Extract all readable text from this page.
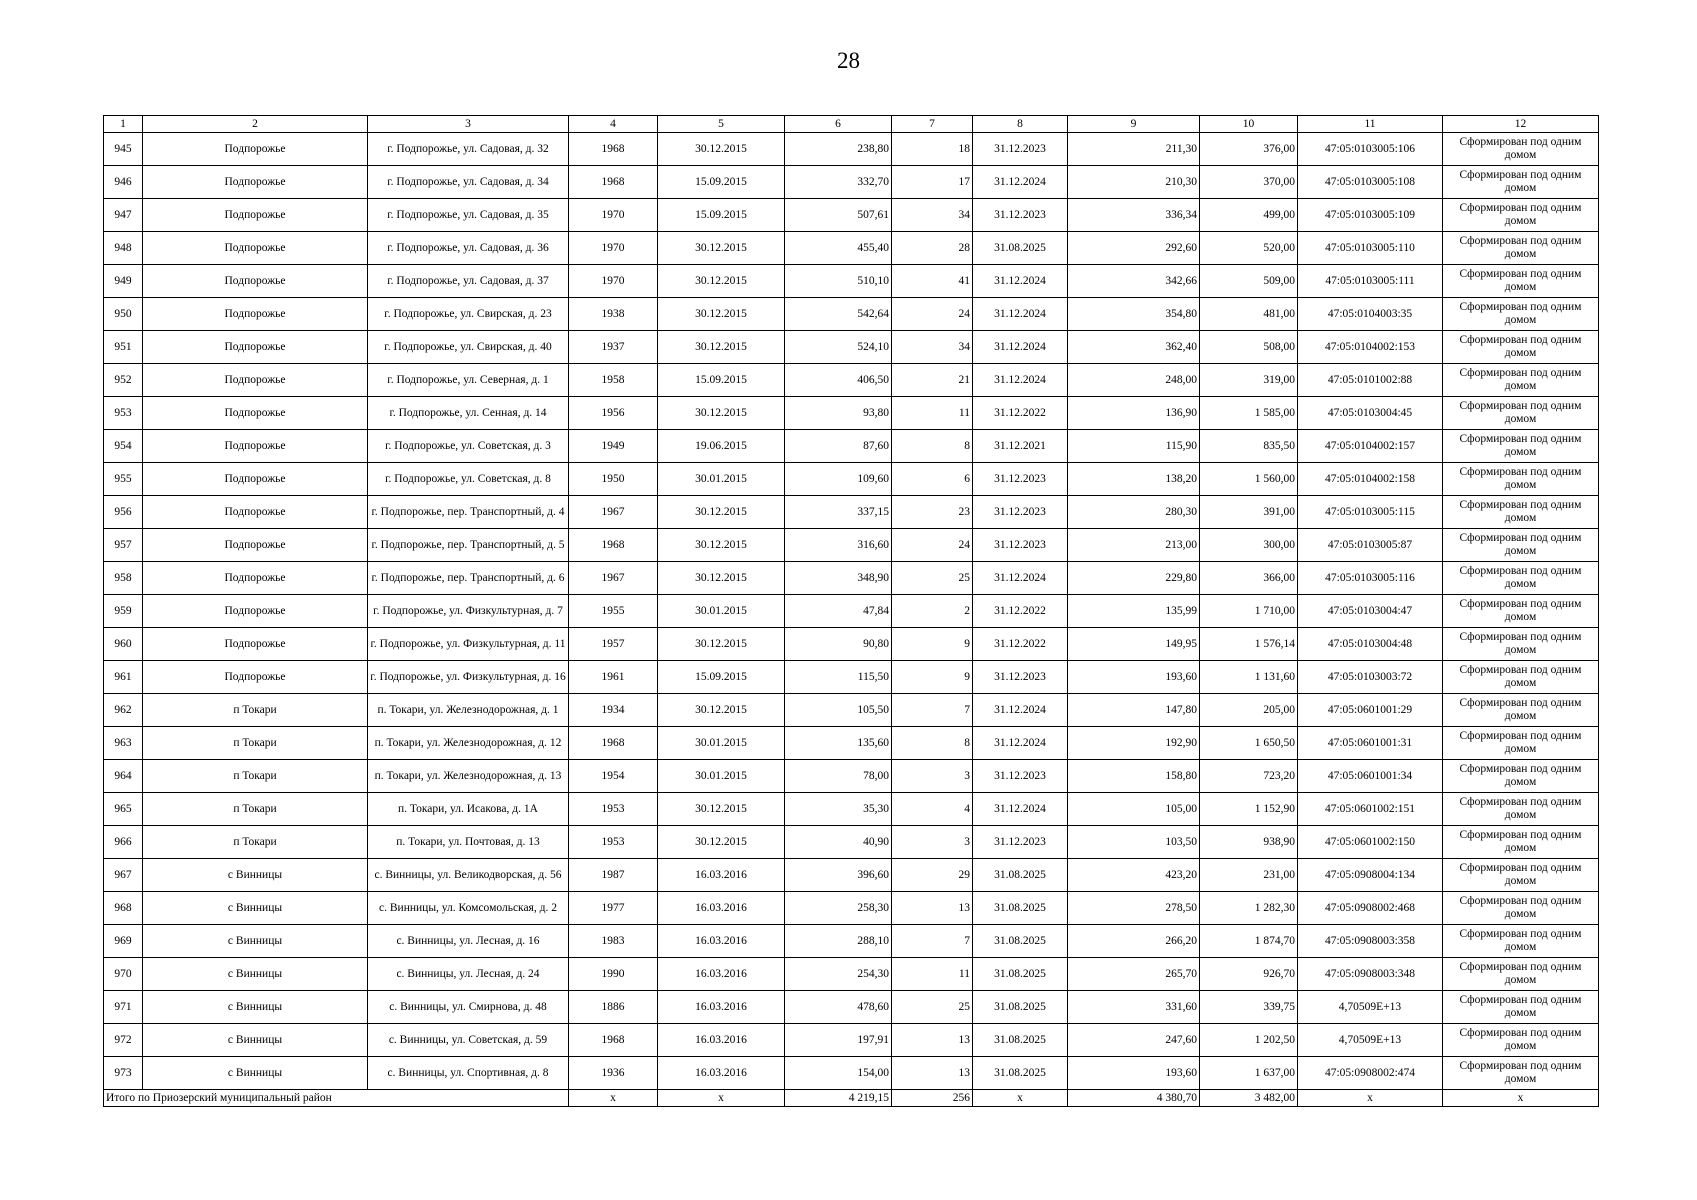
28
1	2	3	4	5	6	7	8	9	10	11	12
945	Подпорожье	г. Подпорожье, ул. Садовая, д. 32	1968	30.12.2015	238,80	18	31.12.2023	211,30	376,00	47:05:0103005:106	Сформирован под одним домом
946	Подпорожье	г. Подпорожье, ул. Садовая, д. 34	1968	15.09.2015	332,70	17	31.12.2024	210,30	370,00	47:05:0103005:108	Сформирован под одним домом
947	Подпорожье	г. Подпорожье, ул. Садовая, д. 35	1970	15.09.2015	507,61	34	31.12.2023	336,34	499,00	47:05:0103005:109	Сформирован под одним домом
948	Подпорожье	г. Подпорожье, ул. Садовая, д. 36	1970	30.12.2015	455,40	28	31.08.2025	292,60	520,00	47:05:0103005:110	Сформирован под одним домом
949	Подпорожье	г. Подпорожье, ул. Садовая, д. 37	1970	30.12.2015	510,10	41	31.12.2024	342,66	509,00	47:05:0103005:111	Сформирован под одним домом
950	Подпорожье	г. Подпорожье, ул. Свирская, д. 23	1938	30.12.2015	542,64	24	31.12.2024	354,80	481,00	47:05:0104003:35	Сформирован под одним домом
951	Подпорожье	г. Подпорожье, ул. Свирская, д. 40	1937	30.12.2015	524,10	34	31.12.2024	362,40	508,00	47:05:0104002:153	Сформирован под одним домом
952	Подпорожье	г. Подпорожье, ул. Северная, д. 1	1958	15.09.2015	406,50	21	31.12.2024	248,00	319,00	47:05:0101002:88	Сформирован под одним домом
953	Подпорожье	г. Подпорожье, ул. Сенная, д. 14	1956	30.12.2015	93,80	11	31.12.2022	136,90	1 585,00	47:05:0103004:45	Сформирован под одним домом
954	Подпорожье	г. Подпорожье, ул. Советская, д. 3	1949	19.06.2015	87,60	8	31.12.2021	115,90	835,50	47:05:0104002:157	Сформирован под одним домом
955	Подпорожье	г. Подпорожье, ул. Советская, д. 8	1950	30.01.2015	109,60	6	31.12.2023	138,20	1 560,00	47:05:0104002:158	Сформирован под одним домом
956	Подпорожье	г. Подпорожье, пер. Транспортный, д. 4	1967	30.12.2015	337,15	23	31.12.2023	280,30	391,00	47:05:0103005:115	Сформирован под одним домом
957	Подпорожье	г. Подпорожье, пер. Транспортный, д. 5	1968	30.12.2015	316,60	24	31.12.2023	213,00	300,00	47:05:0103005:87	Сформирован под одним домом
958	Подпорожье	г. Подпорожье, пер. Транспортный, д. 6	1967	30.12.2015	348,90	25	31.12.2024	229,80	366,00	47:05:0103005:116	Сформирован под одним домом
959	Подпорожье	г. Подпорожье, ул. Физкультурная, д. 7	1955	30.01.2015	47,84	2	31.12.2022	135,99	1 710,00	47:05:0103004:47	Сформирован под одним домом
960	Подпорожье	г. Подпорожье, ул. Физкультурная, д. 11	1957	30.12.2015	90,80	9	31.12.2022	149,95	1 576,14	47:05:0103004:48	Сформирован под одним домом
961	Подпорожье	г. Подпорожье, ул. Физкультурная, д. 16	1961	15.09.2015	115,50	9	31.12.2023	193,60	1 131,60	47:05:0103003:72	Сформирован под одним домом
962	п Токари	п. Токари, ул. Железнодорожная, д. 1	1934	30.12.2015	105,50	7	31.12.2024	147,80	205,00	47:05:0601001:29	Сформирован под одним домом
963	п Токари	п. Токари, ул. Железнодорожная, д. 12	1968	30.01.2015	135,60	8	31.12.2024	192,90	1 650,50	47:05:0601001:31	Сформирован под одним домом
964	п Токари	п. Токари, ул. Железнодорожная, д. 13	1954	30.01.2015	78,00	3	31.12.2023	158,80	723,20	47:05:0601001:34	Сформирован под одним домом
965	п Токари	п. Токари, ул. Исакова, д. 1А	1953	30.12.2015	35,30	4	31.12.2024	105,00	1 152,90	47:05:0601002:151	Сформирован под одним домом
966	п Токари	п. Токари, ул. Почтовая, д. 13	1953	30.12.2015	40,90	3	31.12.2023	103,50	938,90	47:05:0601002:150	Сформирован под одним домом
967	с Винницы	с. Винницы, ул. Великодворская, д. 56	1987	16.03.2016	396,60	29	31.08.2025	423,20	231,00	47:05:0908004:134	Сформирован под одним домом
968	с Винницы	с. Винницы, ул. Комсомольская, д. 2	1977	16.03.2016	258,30	13	31.08.2025	278,50	1 282,30	47:05:0908002:468	Сформирован под одним домом
969	с Винницы	с. Винницы, ул. Лесная, д. 16	1983	16.03.2016	288,10	7	31.08.2025	266,20	1 874,70	47:05:0908003:358	Сформирован под одним домом
970	с Винницы	с. Винницы, ул. Лесная, д. 24	1990	16.03.2016	254,30	11	31.08.2025	265,70	926,70	47:05:0908003:348	Сформирован под одним домом
971	с Винницы	с. Винницы, ул. Смирнова, д. 48	1886	16.03.2016	478,60	25	31.08.2025	331,60	339,75	4,70509E+13	Сформирован под одним домом
972	с Винницы	с. Винницы, ул. Советская, д. 59	1968	16.03.2016	197,91	13	31.08.2025	247,60	1 202,50	4,70509E+13	Сформирован под одним домом
973	с Винницы	с. Винницы, ул. Спортивная, д. 8	1936	16.03.2016	154,00	13	31.08.2025	193,60	1 637,00	47:05:0908002:474	Сформирован под одним домом
Итого по Приозерский муниципальный район			х	х	4 219,15	256	х	4 380,70	3 482,00	х	х
